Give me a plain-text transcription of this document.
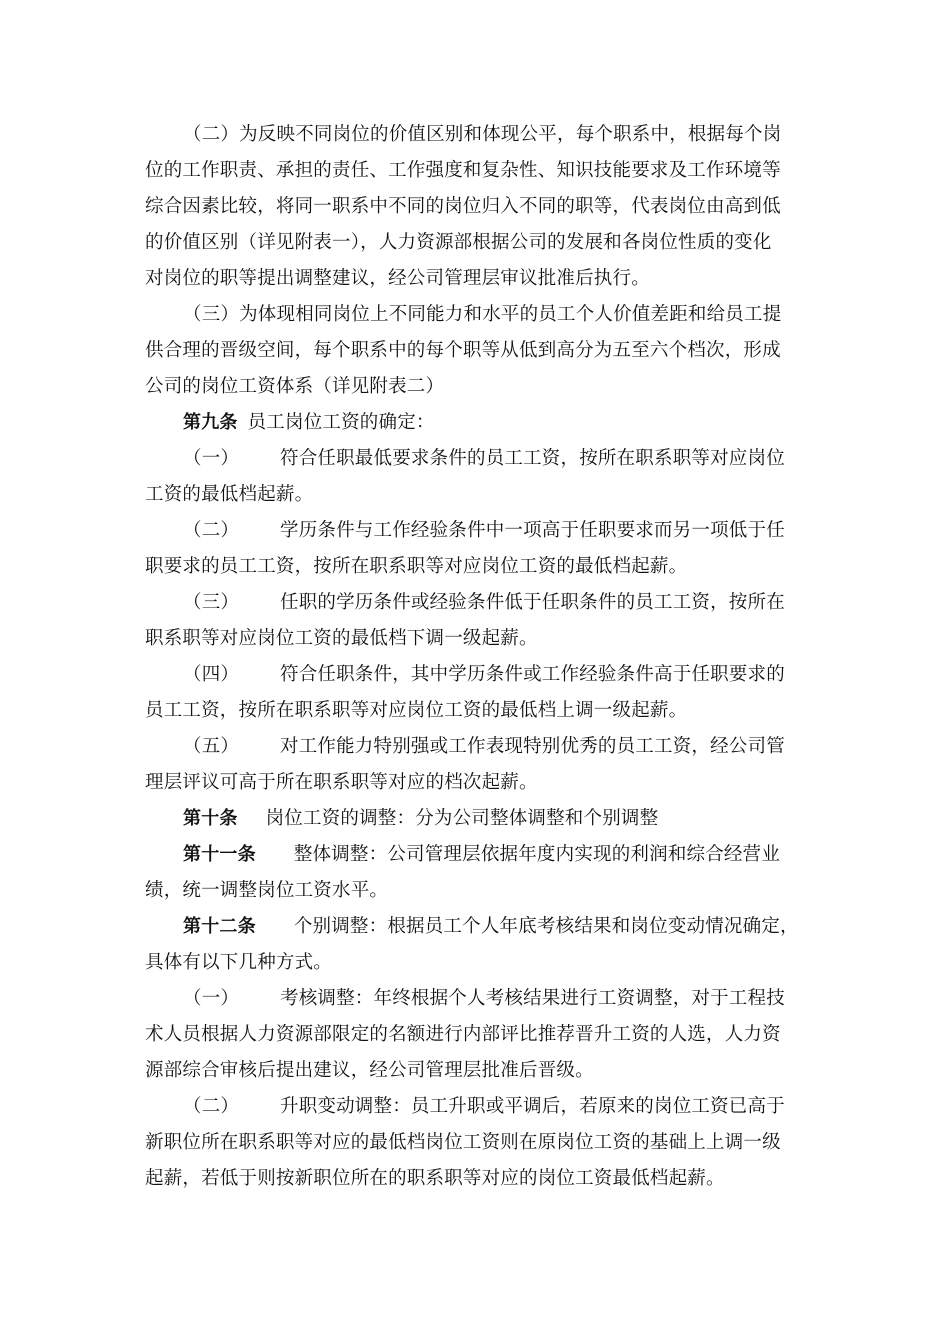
（二）为反映不同岗位的价值区别和体现公平，每个职系中，根据每个岗
位的工作职责、承担的责任、工作强度和复杂性、知识技能要求及工作环境等
综合因素比较，将同一职系中不同的岗位归入不同的职等，代表岗位由高到低
的价值区别（详见附表一），人力资源部根据公司的发展和各岗位性质的变化
对岗位的职等提出调整建议，经公司管理层审议批准后执行。
（三）为体现相同岗位上不同能力和水平的员工个人价值差距和给员工提
供合理的晋级空间，每个职系中的每个职等从低到高分为五至六个档次，形成
公司的岗位工资体系（详见附表二）
第九条 员工岗位工资的确定：
（一） 符合任职最低要求条件的员工工资，按所在职系职等对应岗位
工资的最低档起薪。
（二） 学历条件与工作经验条件中一项高于任职要求而另一项低于任
职要求的员工工资，按所在职系职等对应岗位工资的最低档起薪。
（三） 任职的学历条件或经验条件低于任职条件的员工工资，按所在
职系职等对应岗位工资的最低档下调一级起薪。
（四） 符合任职条件，其中学历条件或工作经验条件高于任职要求的
员工工资，按所在职系职等对应岗位工资的最低档上调一级起薪。
（五） 对工作能力特别强或工作表现特别优秀的员工工资，经公司管
理层评议可高于所在职系职等对应的档次起薪。
第十条 岗位工资的调整：分为公司整体调整和个别调整
第十一条 整体调整：公司管理层依据年度内实现的利润和综合经营业
绩，统一调整岗位工资水平。
第十二条 个别调整：根据员工个人年底考核结果和岗位变动情况确定，
具体有以下几种方式。
（一） 考核调整：年终根据个人考核结果进行工资调整，对于工程技
术人员根据人力资源部限定的名额进行内部评比推荐晋升工资的人选，人力资
源部综合审核后提出建议，经公司管理层批准后晋级。
（二） 升职变动调整：员工升职或平调后，若原来的岗位工资已高于
新职位所在职系职等对应的最低档岗位工资则在原岗位工资的基础上上调一级
起薪，若低于则按新职位所在的职系职等对应的岗位工资最低档起薪。
